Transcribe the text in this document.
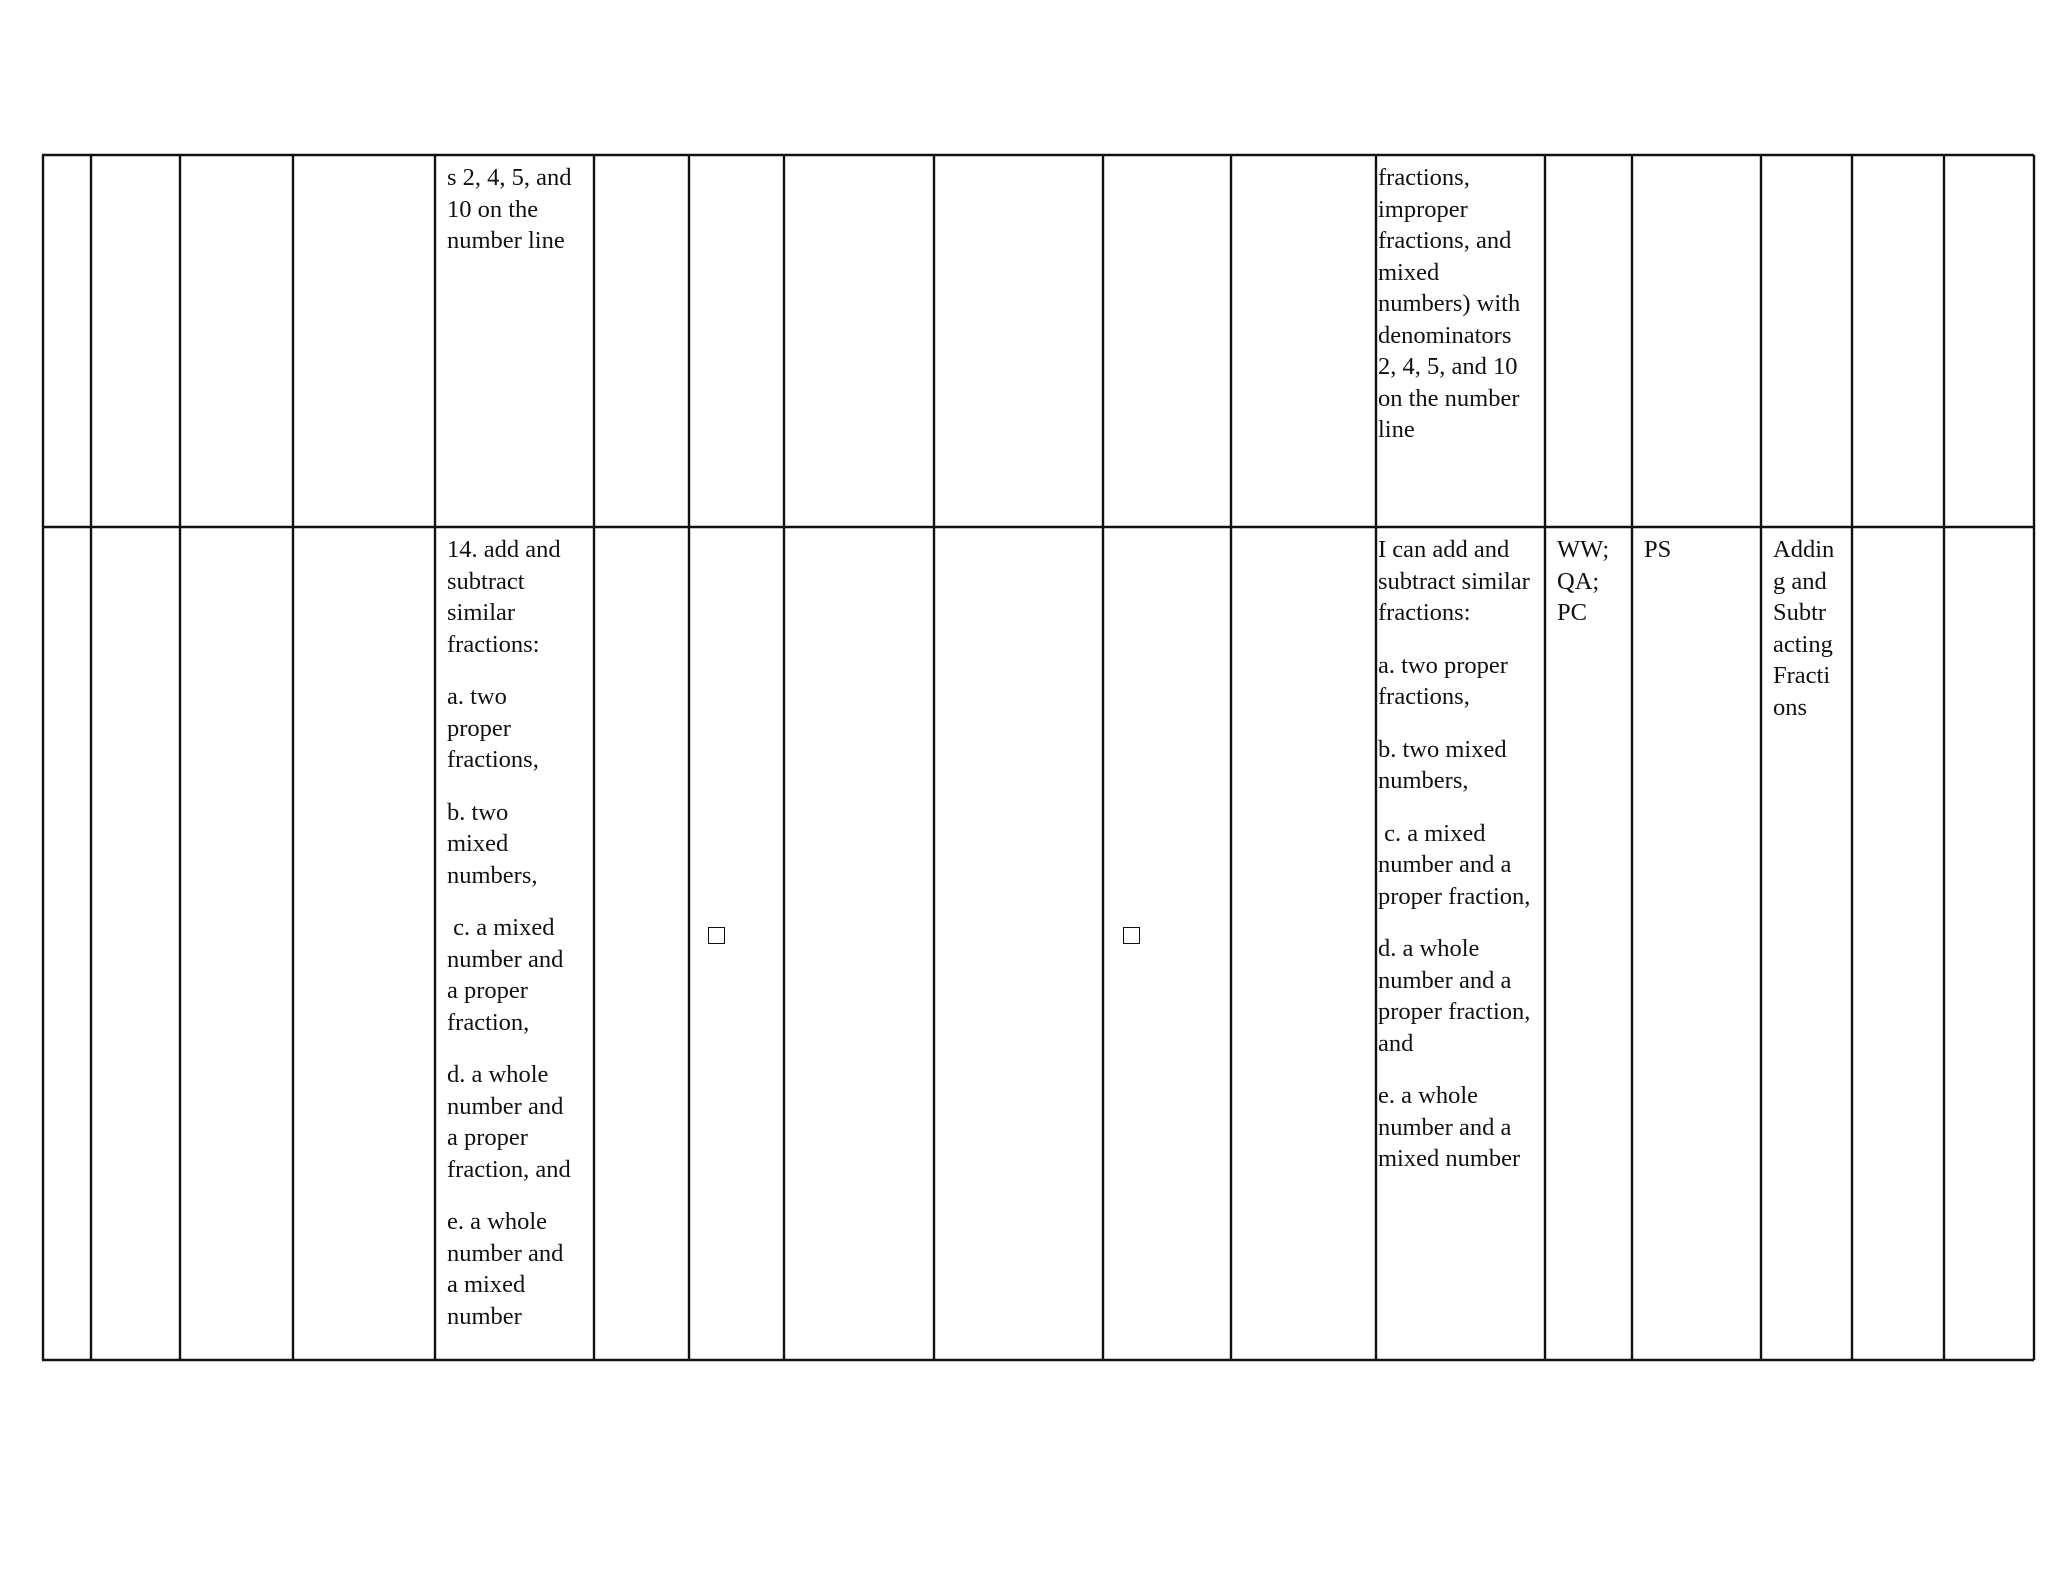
s 2, 4, 5, and
10 on the
number line
fractions,
improper
fractions, and
mixed
numbers) with
denominators
2, 4, 5, and 10
on the number
line

14. add and
subtract
similar
fractions:

a. two
proper
fractions,

b. two
mixed
numbers,

c. a mixed
number and
a proper
fraction,

d. a whole
number and
a proper
fraction, and

e. a whole
number and
a mixed
number

I can add and
subtract similar
fractions:

a. two proper
fractions,

b. two mixed
numbers,

c. a mixed
number and a
proper fraction,

d. a whole
number and a
proper fraction,
and

e. a whole
number and a
mixed number

WW;
QA;
PC
PS	Addin
g and
Subtr
acting
Fracti
ons
